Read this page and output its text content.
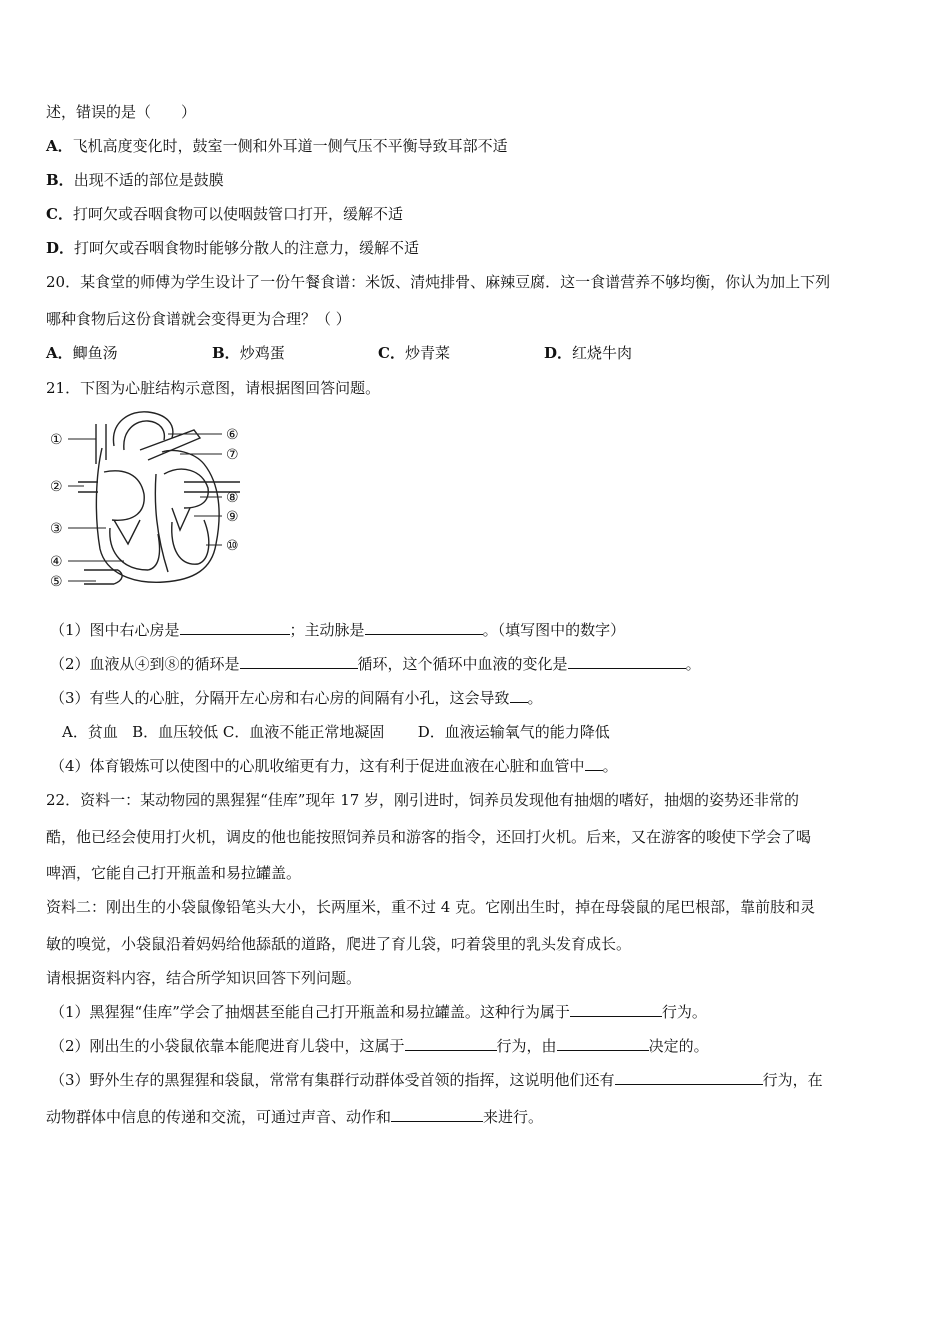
述，错误的是（　　）
A．飞机高度变化时，鼓室一侧和外耳道一侧气压不平衡导致耳部不适
B．出现不适的部位是鼓膜
C．打呵欠或吞咽食物可以使咽鼓管口打开，缓解不适
D．打呵欠或吞咽食物时能够分散人的注意力，缓解不适
20．某食堂的师傅为学生设计了一份午餐食谱：米饭、清炖排骨、麻辣豆腐．这一食谱营养不够均衡，你认为加上下列
哪种食物后这份食谱就会变得更为合理？（ ）
A．鲫鱼汤	B．炒鸡蛋	C．炒青菜	D．红烧牛肉
21．下图为心脏结构示意图，请根据图回答问题。
①
②
③
④
⑤
⑥
⑦
⑧
⑨
⑩
（1）图中右心房是	；主动脉是	。（填写图中的数字）
（2）血液从④到⑧的循环是	循环，这个循环中血液的变化是	。
（3）有些人的心脏，分隔开左心房和右心房的间隔有小孔，这会导致 。
A．贫血   B．血压较低 C．血液不能正常地凝固       D．血液运输氧气的能力降低
（4）体育锻炼可以使图中的心肌收缩更有力，这有利于促进血液在心脏和血管中 。
22．资料一：某动物园的黑猩猩“佳库”现年 17 岁，刚引进时，饲养员发现他有抽烟的嗜好，抽烟的姿势还非常的
酷，他已经会使用打火机，调皮的他也能按照饲养员和游客的指令，还回打火机。后来，又在游客的唆使下学会了喝
啤酒，它能自己打开瓶盖和易拉罐盖。
资料二：刚出生的小袋鼠像铅笔头大小，长两厘米，重不过 4 克。它刚出生时，掉在母袋鼠的尾巴根部，靠前肢和灵
敏的嗅觉，小袋鼠沿着妈妈给他舔舐的道路，爬进了育儿袋，叼着袋里的乳头发育成长。
请根据资料内容，结合所学知识回答下列问题。
（1）黑猩猩“佳库”学会了抽烟甚至能自己打开瓶盖和易拉罐盖。这种行为属于	行为。
（2）刚出生的小袋鼠依靠本能爬进育儿袋中，这属于	行为，由	决定的。
（3）野外生存的黑猩猩和袋鼠，常常有集群行动群体受首领的指挥，这说明他们还有	行为，在
动物群体中信息的传递和交流，可通过声音、动作和	来进行。
